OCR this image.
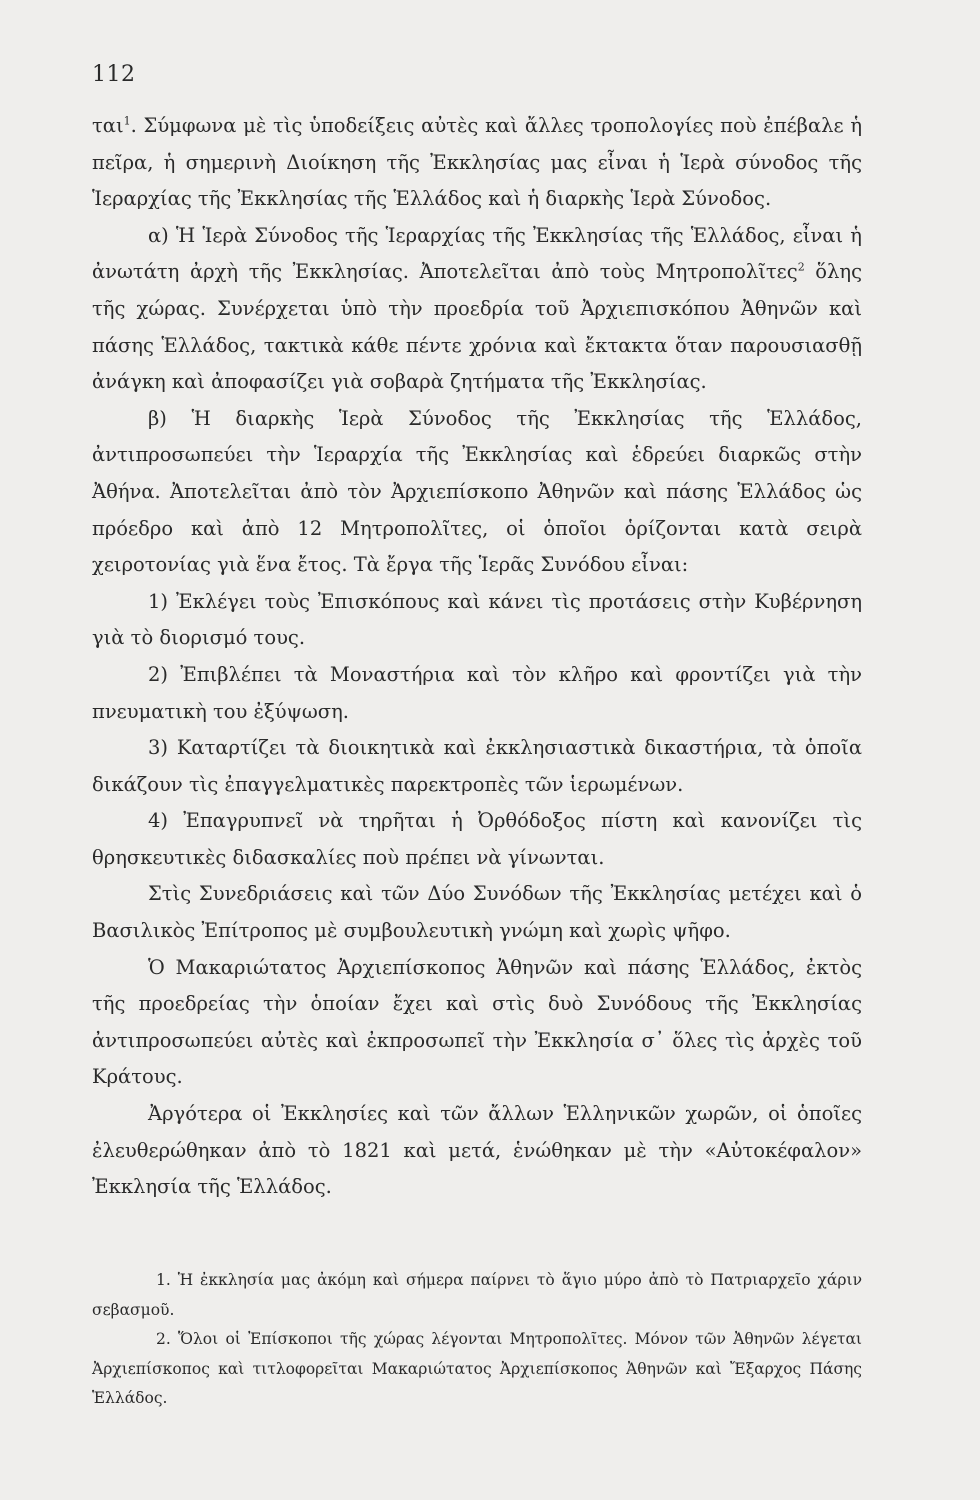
112

ται$^1$. Σύμφωνα μὲ τὶς ὑποδείξεις αὐτὲς καὶ ἄλλες τροπολογίες ποὺ ἐπέβαλε ἡ πεῖρα, ἡ σημερινὴ Διοίκηση τῆς Ἐκκλησίας μας εἶναι ἡ Ἱερὰ σύνοδος τῆς Ἱεραρχίας τῆς Ἐκκλησίας τῆς Ἑλλάδος καὶ ἡ διαρκὴς Ἱερὰ Σύνοδος.

α) Ἡ Ἱερὰ Σύνοδος τῆς Ἱεραρχίας τῆς Ἐκκλησίας τῆς Ἑλλάδος, εἶναι ἡ ἀνωτάτη ἀρχὴ τῆς Ἐκκλησίας. Ἀποτελεῖται ἀπὸ τοὺς Μητροπολῖτες$^2$ ὅλης τῆς χώρας. Συνέρχεται ὑπὸ τὴν προεδρία τοῦ Ἀρχιεπισκόπου Ἀθηνῶν καὶ πάσης Ἑλλάδος, τακτικὰ κάθε πέντε χρόνια καὶ ἔκτακτα ὅταν παρουσιασθῇ ἀνάγκη καὶ ἀποφασίζει γιὰ σοβαρὰ ζητήματα τῆς Ἐκκλησίας.

β) Ἡ διαρκὴς Ἱερὰ Σύνοδος τῆς Ἐκκλησίας τῆς Ἑλλάδος, ἀντιπροσωπεύει τὴν Ἱεραρχία τῆς Ἐκκλησίας καὶ ἑδρεύει διαρκῶς στὴν Ἀθήνα. Ἀποτελεῖται ἀπὸ τὸν Ἀρχιεπίσκοπο Ἀθηνῶν καὶ πάσης Ἑλλάδος ὡς πρόεδρο καὶ ἀπὸ 12 Μητροπολῖτες, οἱ ὁποῖοι ὁρίζονται κατὰ σειρὰ χειροτονίας γιὰ ἕνα ἔτος. Τὰ ἔργα τῆς Ἱερᾶς Συνόδου εἶναι:

1) Ἐκλέγει τοὺς Ἐπισκόπους καὶ κάνει τὶς προτάσεις στὴν Κυβέρνηση γιὰ τὸ διορισμό τους.

2) Ἐπιβλέπει τὰ Μοναστήρια καὶ τὸν κλῆρο καὶ φροντίζει γιὰ τὴν πνευματικὴ του ἐξύψωση.

3) Καταρτίζει τὰ διοικητικὰ καὶ ἐκκλησιαστικὰ δικαστήρια, τὰ ὁποῖα δικάζουν τὶς ἐπαγγελματικὲς παρεκτροπὲς τῶν ἱερωμένων.

4) Ἐπαγρυπνεῖ νὰ τηρῆται ἡ Ὀρθόδοξος πίστη καὶ κανονίζει τὶς θρησκευτικὲς διδασκαλίες ποὺ πρέπει νὰ γίνωνται.

Στὶς Συνεδριάσεις καὶ τῶν Δύο Συνόδων τῆς Ἐκκλησίας μετέχει καὶ ὁ Βασιλικὸς Ἐπίτροπος μὲ συμβουλευτικὴ γνώμη καὶ χωρὶς ψῆφο.

Ὁ Μακαριώτατος Ἀρχιεπίσκοπος Ἀθηνῶν καὶ πάσης Ἑλλάδος, ἐκτὸς τῆς προεδρείας τὴν ὁποίαν ἔχει καὶ στὶς δυὸ Συνόδους τῆς Ἐκκλησίας ἀντιπροσωπεύει αὐτὲς καὶ ἐκπροσωπεῖ τὴν Ἐκκλησία σ᾽ ὅλες τὶς ἀρχὲς τοῦ Κράτους.

Ἀργότερα οἱ Ἐκκλησίες καὶ τῶν ἄλλων Ἑλληνικῶν χωρῶν, οἱ ὁποῖες ἐλευθερώθηκαν ἀπὸ τὸ 1821 καὶ μετά, ἑνώθηκαν μὲ τὴν «Αὐτοκέφαλον» Ἐκκλησία τῆς Ἑλλάδος.

1. Ἡ ἐκκλησία μας ἀκόμη καὶ σήμερα παίρνει τὸ ἅγιο μύρο ἀπὸ τὸ Πατριαρχεῖο χάριν σεβασμοῦ.

2. Ὅλοι οἱ Ἐπίσκοποι τῆς χώρας λέγονται Μητροπολῖτες. Μόνον τῶν Ἀθηνῶν λέγεται Ἀρχιεπίσκοπος καὶ τιτλοφορεῖται Μακαριώτατος Ἀρχιεπίσκοπος Ἀθηνῶν καὶ Ἔξαρχος Πάσης Ἑλλάδος.
